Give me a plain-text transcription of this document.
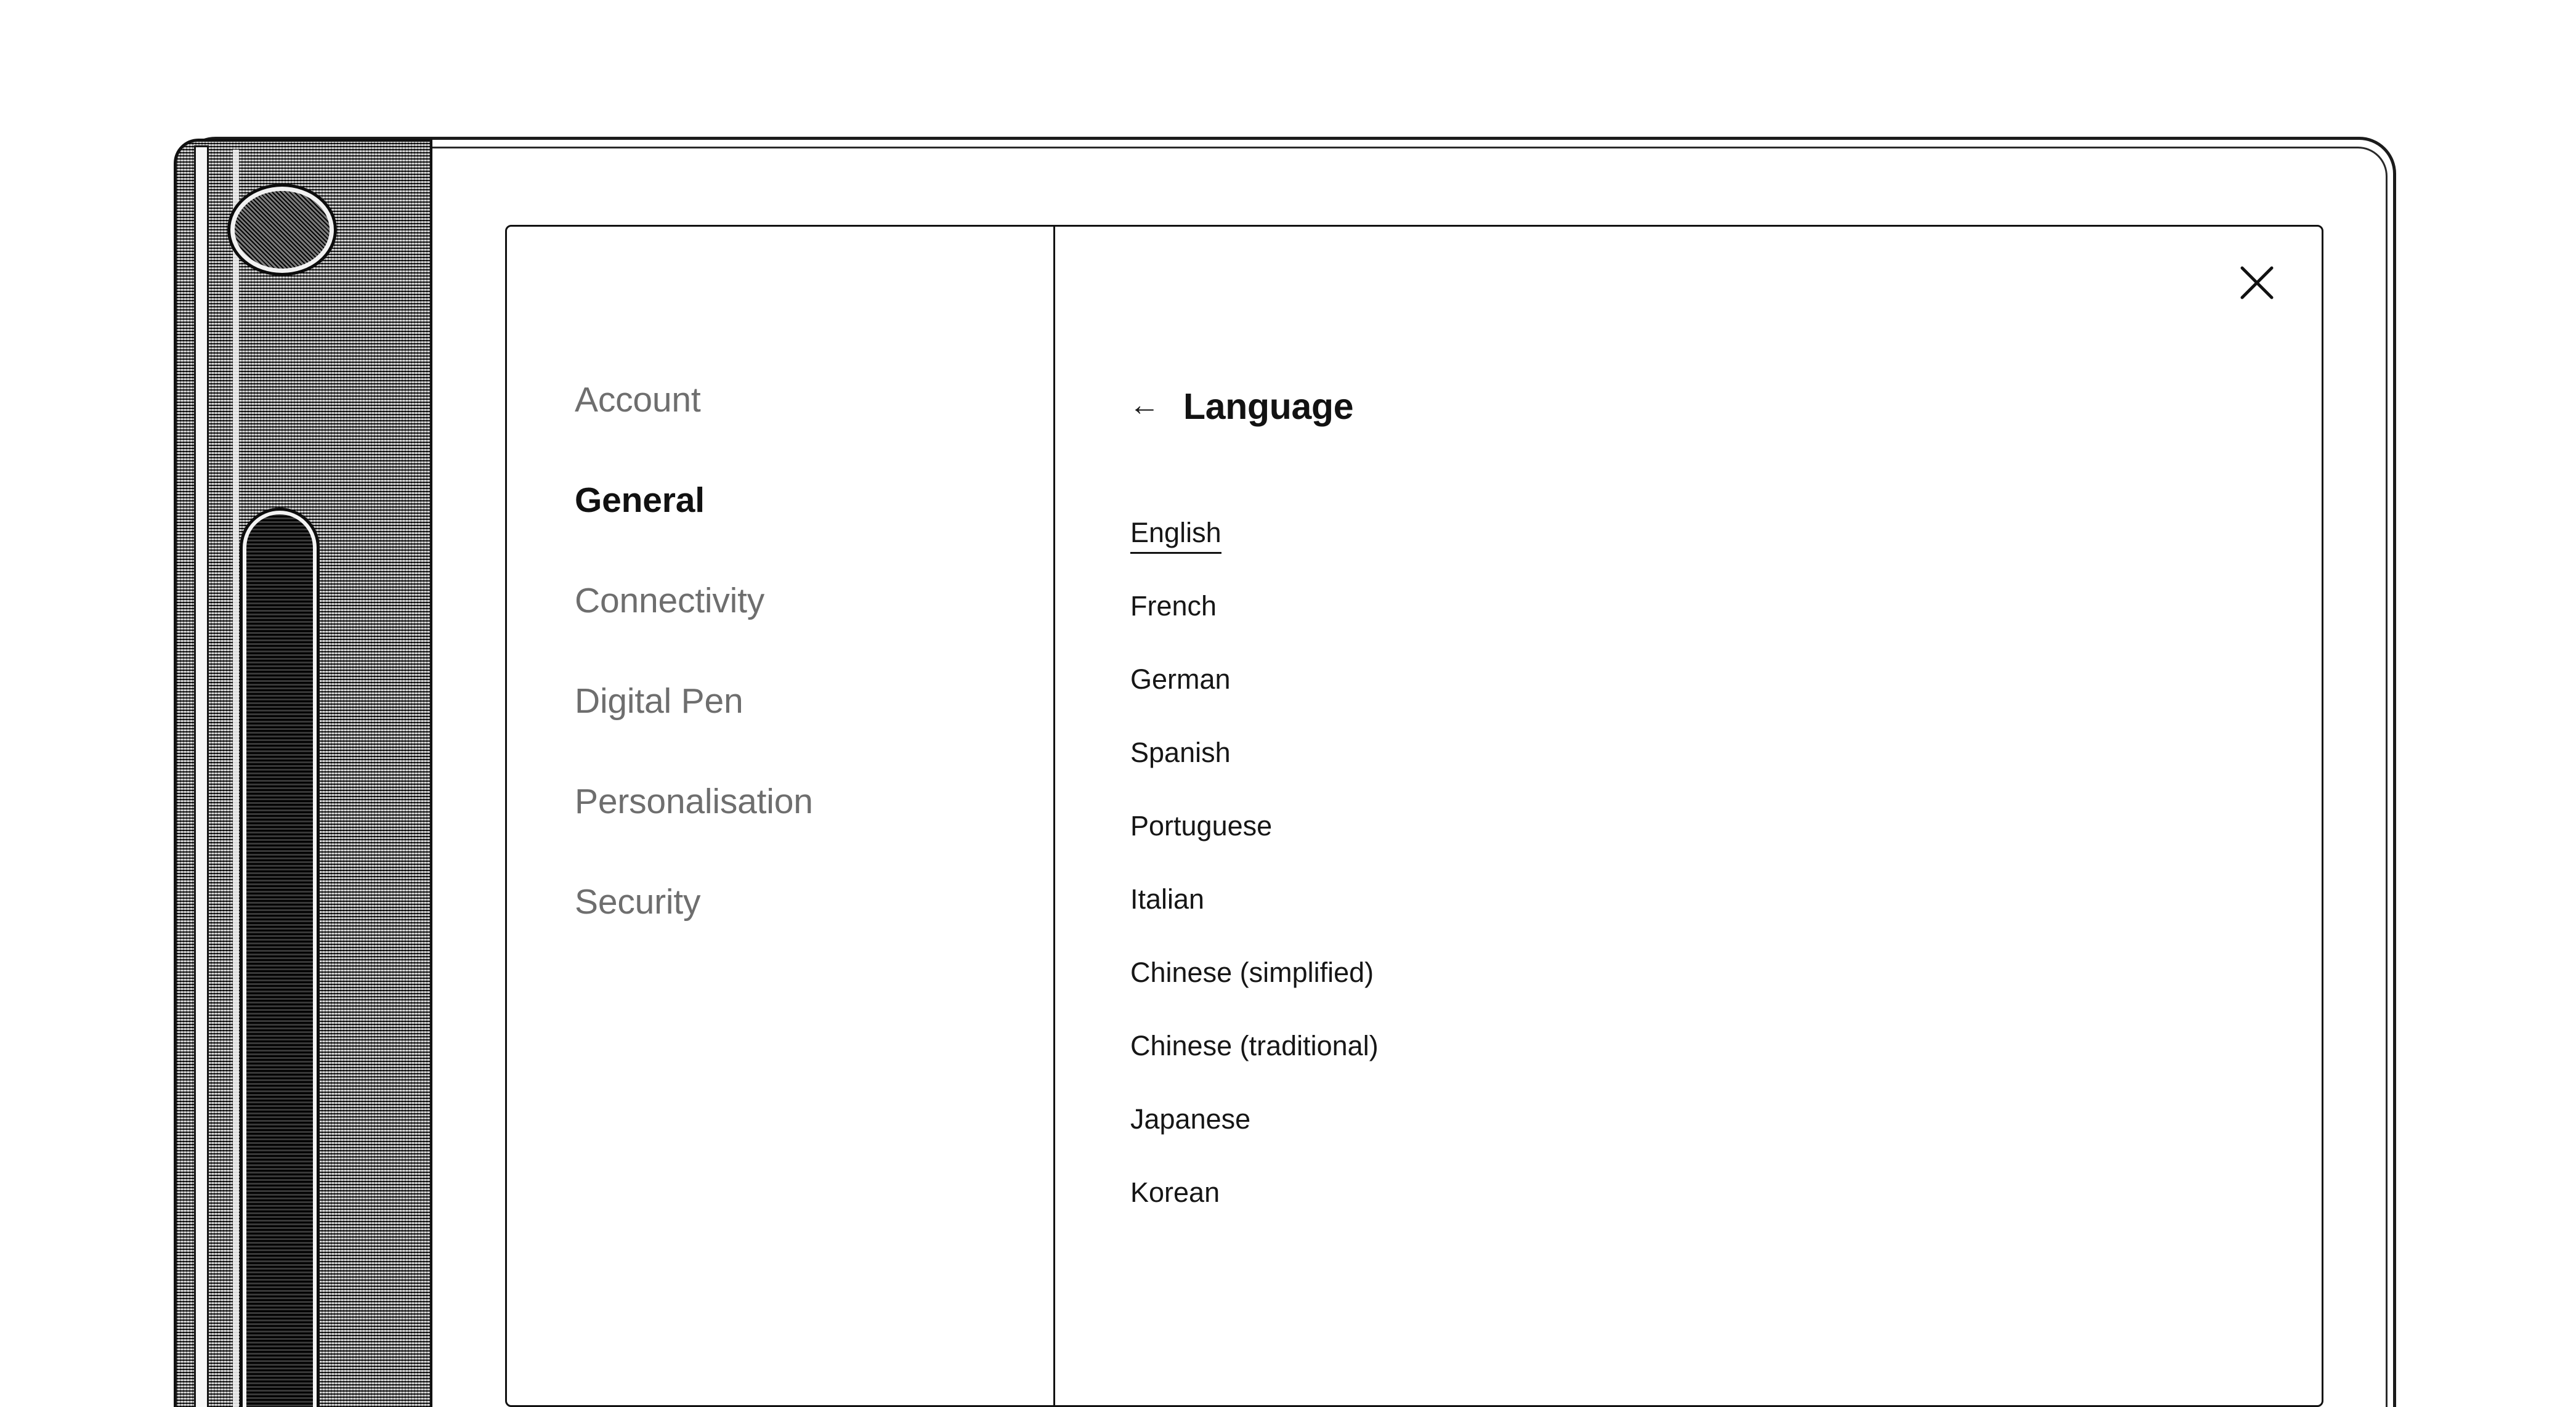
Account
General
Connectivity
Digital Pen
Personalisation
Security
← Language
English
French
German
Spanish
Portuguese
Italian
Chinese (simplified)
Chinese (traditional)
Japanese
Korean
